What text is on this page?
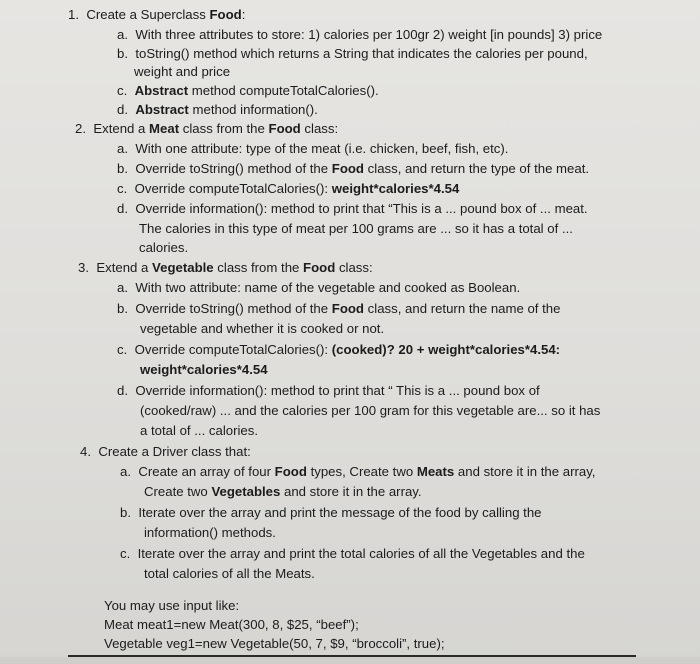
1. Create a Superclass Food:
a. With three attributes to store: 1) calories per 100gr 2) weight [in pounds] 3) price
b. toString() method which returns a String that indicates the calories per pound,
weight and price
c. Abstract method computeTotalCalories().
d. Abstract method information().
2. Extend a Meat class from the Food class:
a. With one attribute: type of the meat (i.e. chicken, beef, fish, etc).
b. Override toString() method of the Food class, and return the type of the meat.
c. Override computeTotalCalories(): weight*calories*4.54
d. Override information(): method to print that “This is a ... pound box of ... meat.
The calories in this type of meat per 100 grams are ... so it has a total of ...
calories.
3. Extend a Vegetable class from the Food class:
a. With two attribute: name of the vegetable and cooked as Boolean.
b. Override toString() method of the Food class, and return the name of the
vegetable and whether it is cooked or not.
c. Override computeTotalCalories(): (cooked)? 20 + weight*calories*4.54:
weight*calories*4.54
d. Override information(): method to print that “ This is a ... pound box of
(cooked/raw) ... and the calories per 100 gram for this vegetable are... so it has
a total of ... calories.
4. Create a Driver class that:
a. Create an array of four Food types, Create two Meats and store it in the array,
Create two Vegetables and store it in the array.
b. Iterate over the array and print the message of the food by calling the
information() methods.
c. Iterate over the array and print the total calories of all the Vegetables and the
total calories of all the Meats.
You may use input like:
Meat meat1=new Meat(300, 8, $25, “beef”);
Vegetable veg1=new Vegetable(50, 7, $9, “broccoli”, true);
